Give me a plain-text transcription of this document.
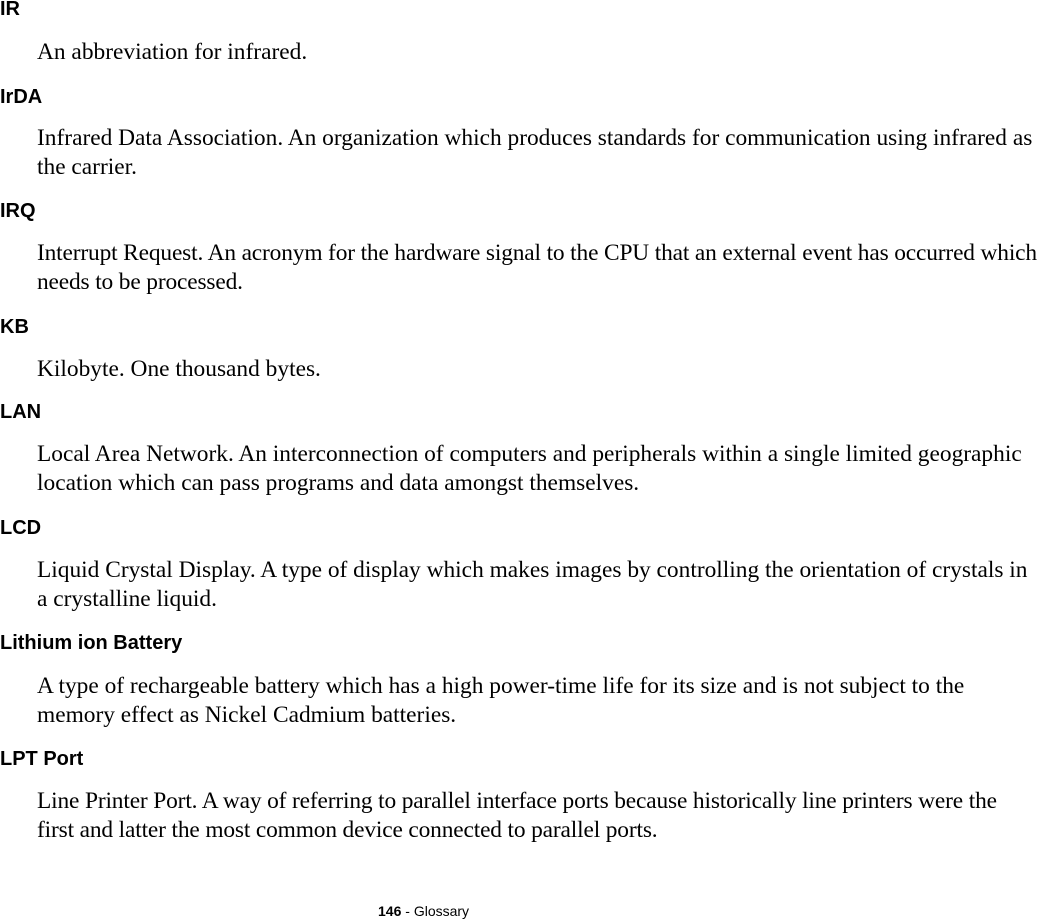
IR
An abbreviation for infrared.
IrDA
Infrared Data Association. An organization which produces standards for communication using infrared as the carrier.
IRQ
Interrupt Request. An acronym for the hardware signal to the CPU that an external event has occurred which needs to be processed.
KB
Kilobyte. One thousand bytes.
LAN
Local Area Network. An interconnection of computers and peripherals within a single limited geographic location which can pass programs and data amongst themselves.
LCD
Liquid Crystal Display. A type of display which makes images by controlling the orientation of crystals in a crystalline liquid.
Lithium ion Battery
A type of rechargeable battery which has a high power-time life for its size and is not subject to the memory effect as Nickel Cadmium batteries.
LPT Port
Line Printer Port. A way of referring to parallel interface ports because historically line printers were the first and latter the most common device connected to parallel ports.
146 - Glossary
